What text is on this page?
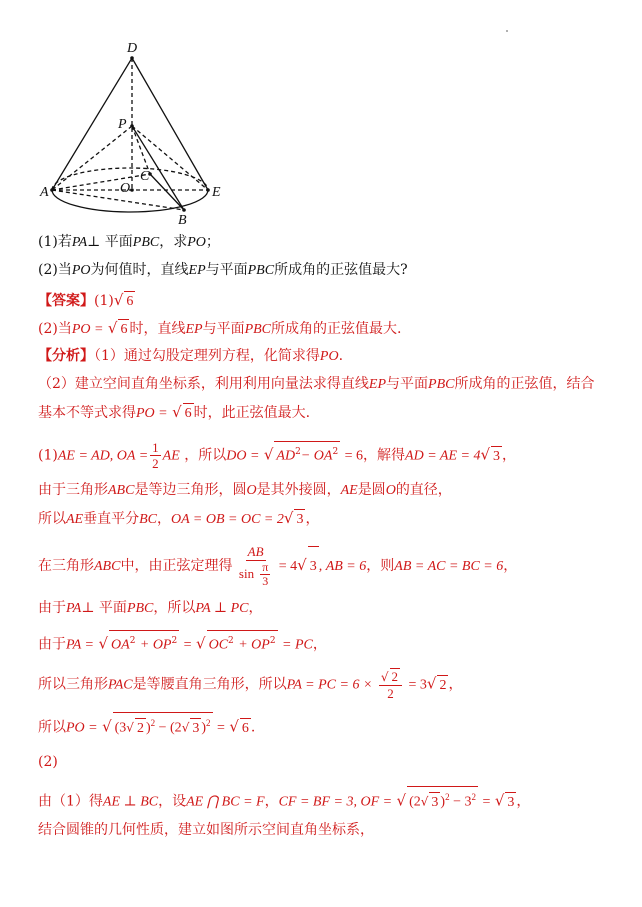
D
P
C
O
A	E
B
(1)若PA⊥ 平面PBC，求PO；
(2)当PO为何值时，直线EP与平面PBC所成角的正弦值最大?
【答案】(1)√ 6
(2)当PO = √ 6 时，直线EP与平面PBC所成角的正弦值最大.
【分析】（1）通过勾股定理列方程，化简求得PO.
（2）建立空间直角坐标系，利用利用向量法求得直线EP与平面PBC所成角的正弦值，结合
基本不等式求得PO = √ 6 时，此正弦值最大.
(1)AE = AD, OA = $\frac{1}{2}$ AE ，所以DO = √ $AD^2- OA^2 = 6$，解得AD = AE = 4√ 3 ，
由于三角形ABC是等边三角形，圆O是其外接圆，AE是圆O的直径，
所以AE垂直平分BC，OA = OB = OC = 2√ 3 ，
在三角形ABC中，由正弦定理得 $\frac{AB}{\sin \frac{\pi}{3}} = 4√$ 3 , AB = 6，则AB = AC = BC = 6，
由于PA⊥ 平面PBC，所以PA ⊥ PC，
由于PA = √ $OA^2 + OP^2$ = √ $OC^2 + OP^2$ = PC，
所以三角形PAC是等腰直角三角形，所以PA = PC = $6 \times \frac{√ 2}{2} = 3√$ 2 ，
所以PO = √ (3√ 2 )$^2$ − (2√ 3 )$^2$ = √ 6 .
(2)
由（1）得AE ⊥ BC，设AE ⋂ BC = F，CF = BF = 3, OF = √ (2√ 3 )$^2 - 3^2$ = √ 3 ，
结合圆锥的几何性质，建立如图所示空间直角坐标系，
